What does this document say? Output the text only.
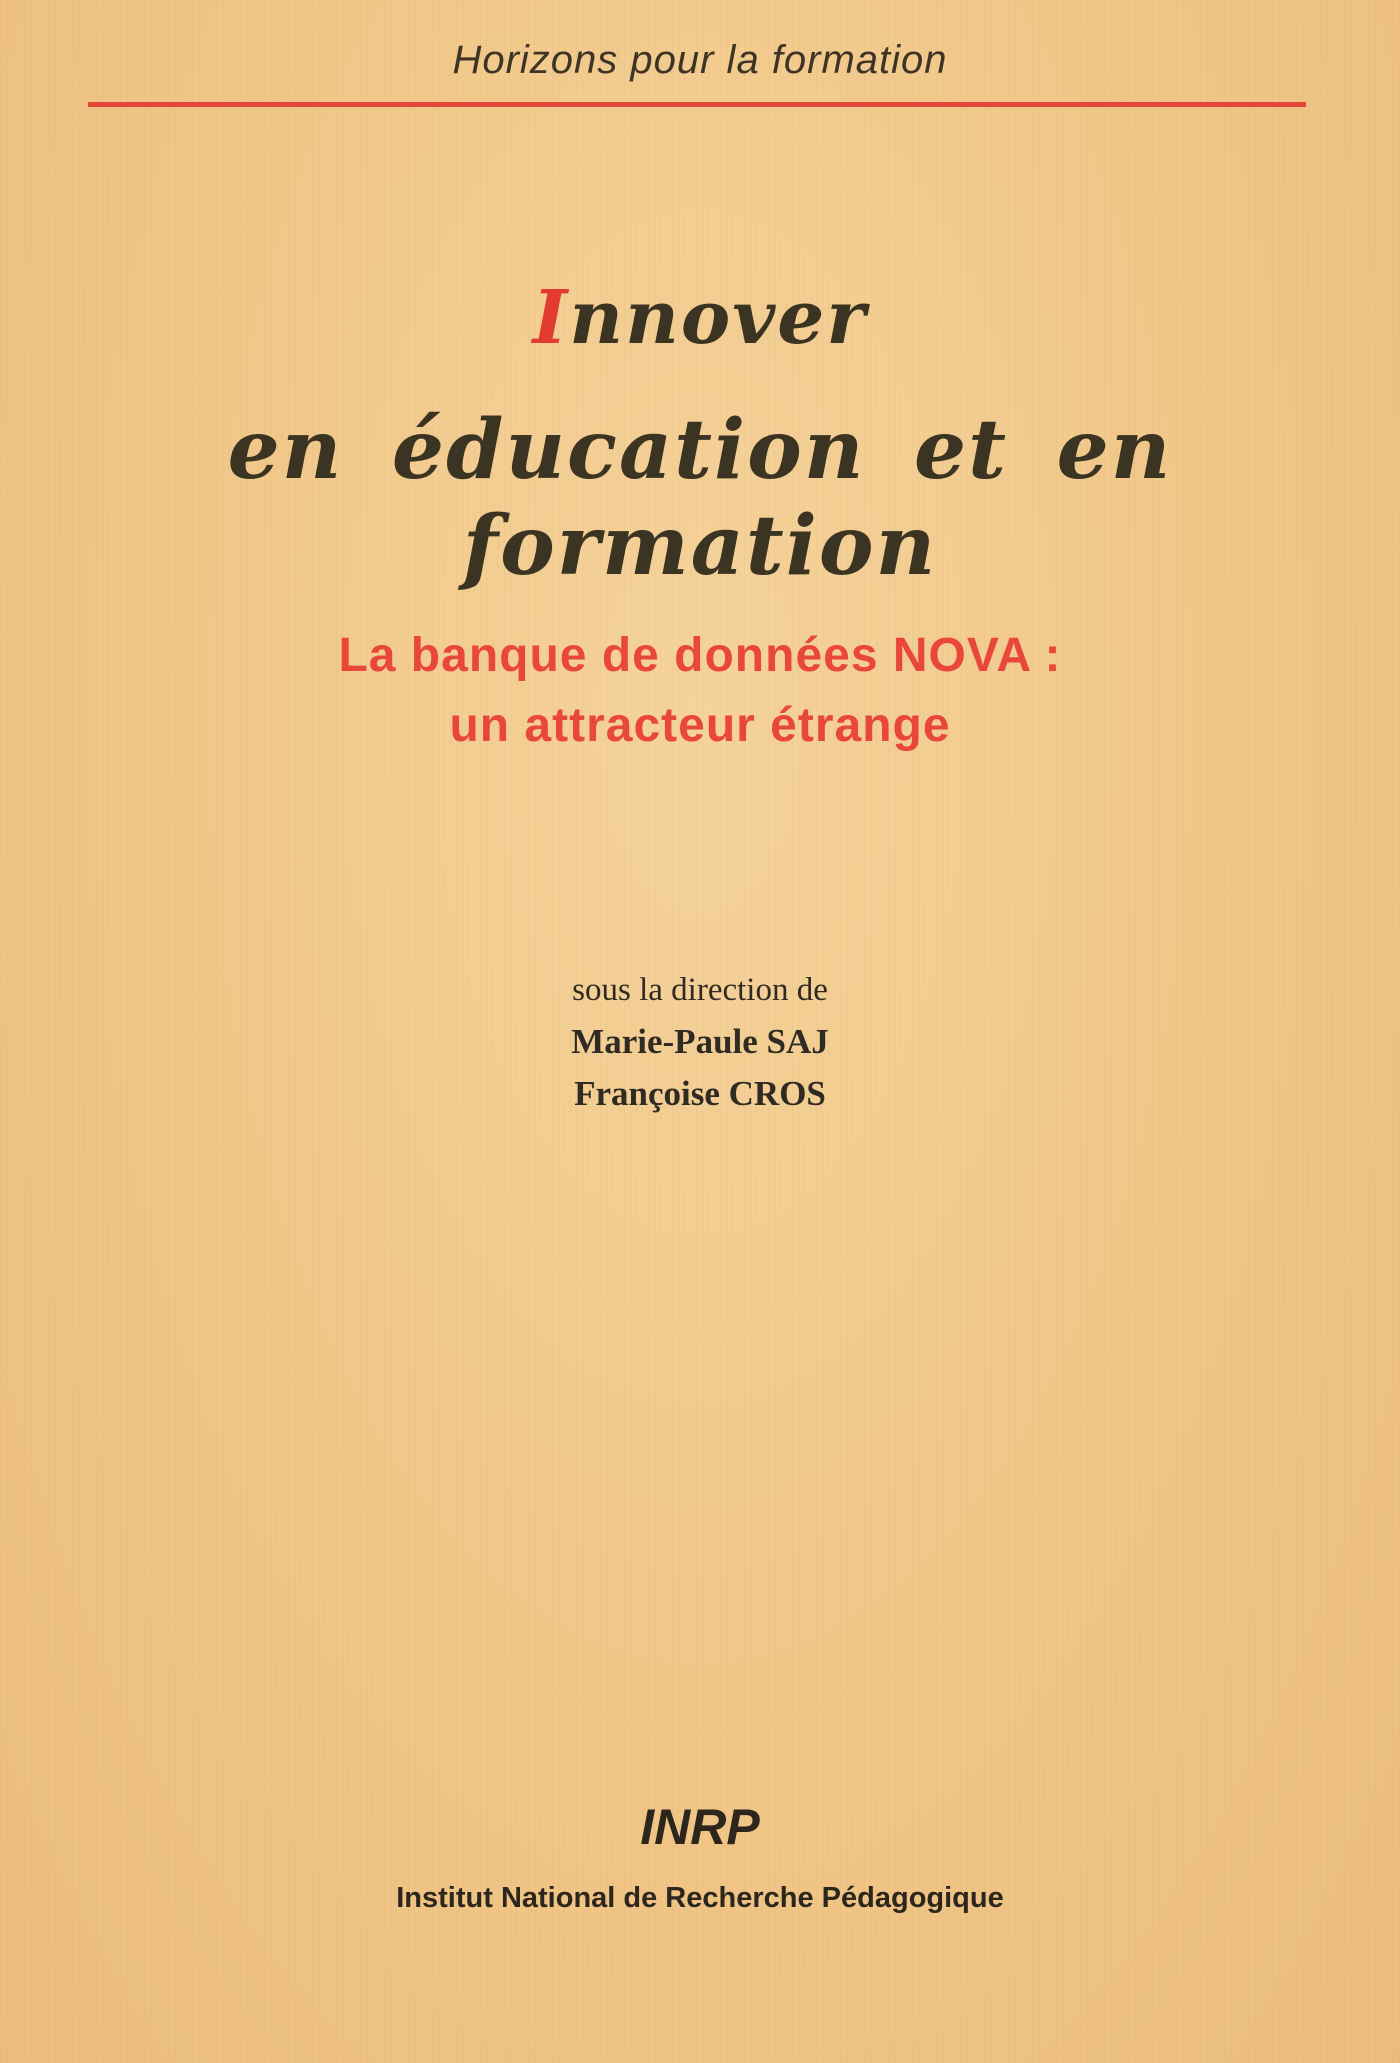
Horizons pour la formation
Innover
en éducation et en formation
La banque de données NOVA :
un attracteur étrange
sous la direction de
Marie-Paule SAJ
Françoise CROS
INRP
Institut National de Recherche Pédagogique
